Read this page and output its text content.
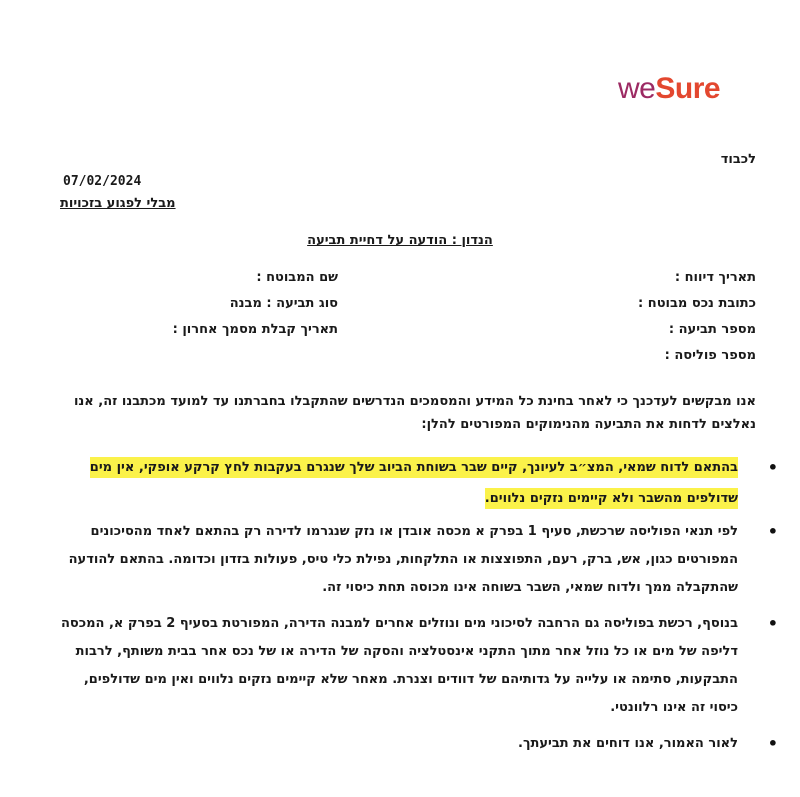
weSure
לכבוד
07/02/2024
מבלי לפגוע בזכויות
הנדון : הודעה על דחיית תביעה
תאריך דיווח :
כתובת נכס מבוטח :
מספר תביעה :
מספר פוליסה :
שם המבוטח :
סוג תביעה : מבנה
תאריך קבלת מסמך אחרון :
אנו מבקשים לעדכנך כי לאחר בחינת כל המידע והמסמכים הנדרשים שהתקבלו בחברתנו עד למועד מכתבנו זה, אנו נאלצים לדחות את התביעה מהנימוקים המפורטים להלן:
• בהתאם לדוח שמאי, המצ״ב לעיונך, קיים שבר בשוחת הביוב שלך שנגרם בעקבות לחץ קרקע אופקי, אין מים שדולפים מהשבר ולא קיימים נזקים נלווים.
• לפי תנאי הפוליסה שרכשת, סעיף 1 בפרק א מכסה אובדן או נזק שנגרמו לדירה רק בהתאם לאחד מהסיכונים המפורטים כגון, אש, ברק, רעם, התפוצצות או התלקחות, נפילת כלי טיס, פעולות בזדון וכדומה. בהתאם להודעה שהתקבלה ממך ולדוח שמאי, השבר בשוחה אינו מכוסה תחת כיסוי זה.
• בנוסף, רכשת בפוליסה גם הרחבה לסיכוני מים ונוזלים אחרים למבנה הדירה, המפורטת בסעיף 2 בפרק א, המכסה דליפה של מים או כל נוזל אחר מתוך התקני אינסטלציה והסקה של הדירה או של נכס אחר בבית משותף, לרבות התבקעות, סתימה או עלייה על גדותיהם של דוודים וצנרת. מאחר שלא קיימים נזקים נלווים ואין מים שדולפים, כיסוי זה אינו רלוונטי.
• לאור האמור, אנו דוחים את תביעתך.
